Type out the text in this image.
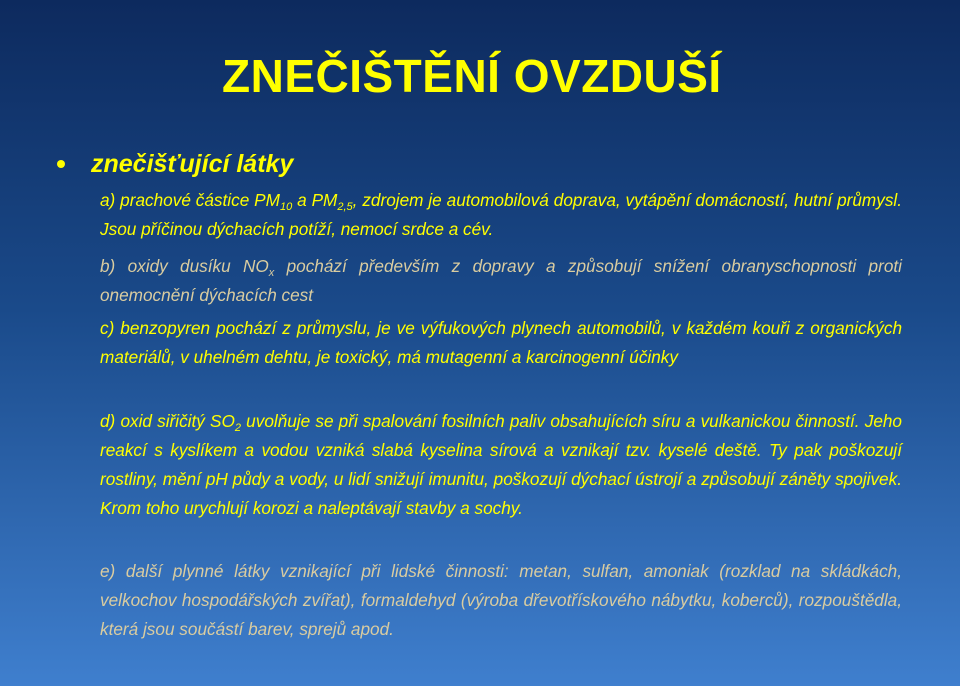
ZNEČIŠTĚNÍ OVZDUŠÍ
znečišťující látky
a) prachové částice $PM_{10}$ a $PM_{2,5}$, zdrojem je automobilová doprava, vytápění domácností, hutní průmysl. Jsou příčinou dýchacích potíží, nemocí srdce a cév.
b) oxidy dusíku $NO_x$ pochází především z dopravy a způsobují snížení obranyschopnosti proti onemocnění dýchacích cest
c) benzopyren pochází z průmyslu, je ve výfukových plynech automobilů, v každém kouři z organických materiálů, v uhelném dehtu, je toxický, má mutagenní a karcinogenní účinky
d) oxid siřičitý $SO_2$ uvolňuje se při spalování fosilních paliv obsahujících síru a vulkanickou činností. Jeho reakcí s kyslíkem a vodou vzniká slabá kyselina sírová a vznikají tzv. kyselé deště. Ty pak poškozují rostliny, mění pH půdy a vody, u lidí snižují imunitu, poškozují dýchací ústrojí a způsobují záněty spojivek. Krom toho urychlují korozi a naleptávají stavby a sochy.
e) další plynné látky vznikající při lidské činnosti: metan, sulfan, amoniak (rozklad na skládkách, velkochov hospodářských zvířat), formaldehyd (výroba dřevotřískového nábytku, koberců), rozpouštědla, která jsou součástí barev, sprejů apod.
